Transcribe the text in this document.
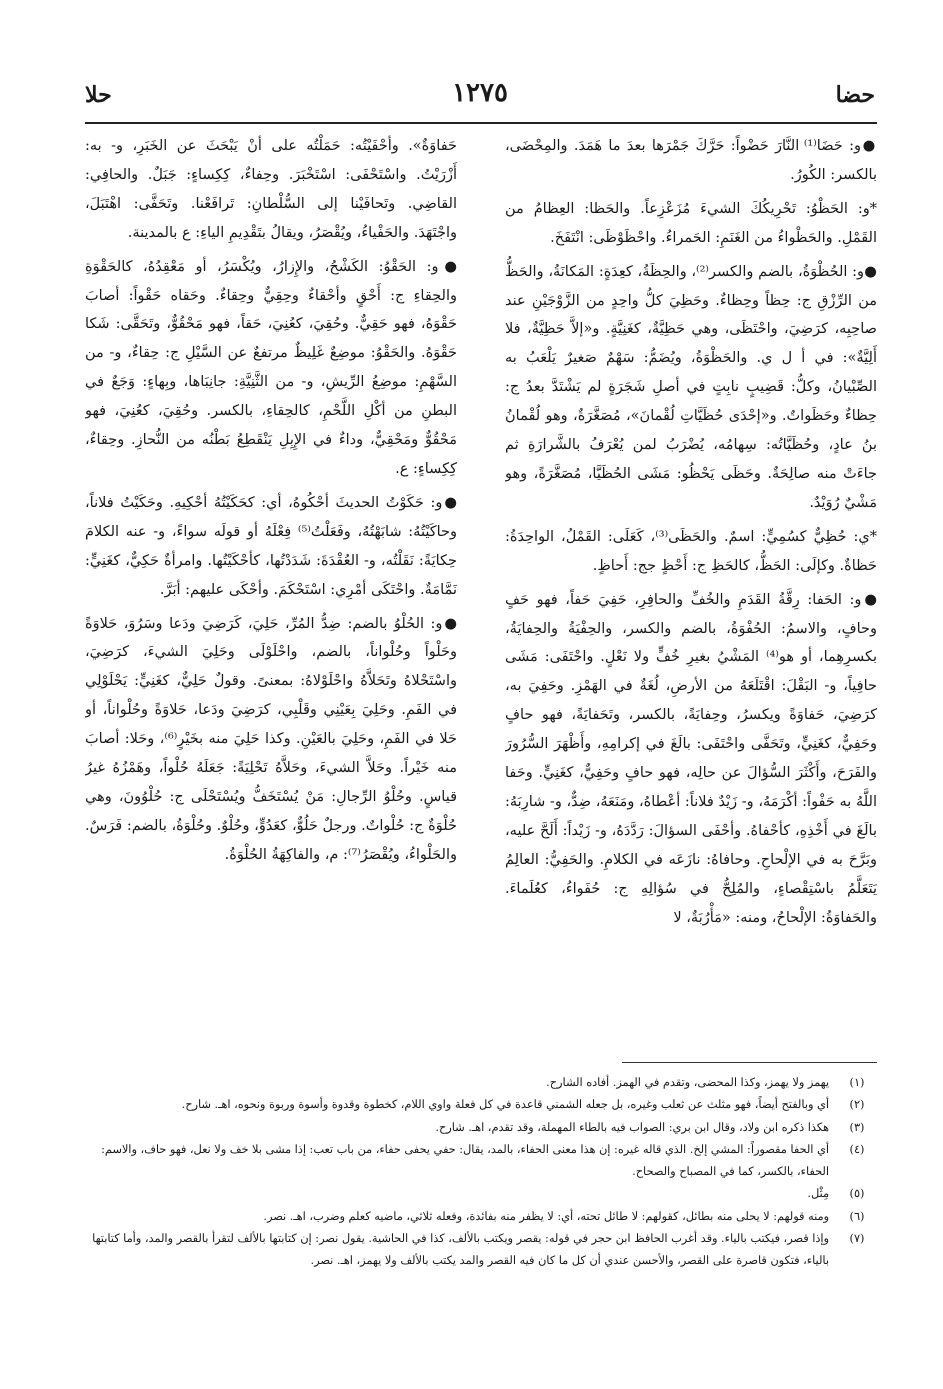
حضا
١٢٧٥
حلا

●و: حَضَا⁽¹⁾ النَّارَ حَضْواً: حَرَّكَ جَمْرَها بعدَ ما هَمَدَ. والمِحْضَى، بالكسر: الكُورُ.

*و: الحَظْوُ: تَحْرِيكُكَ الشيءَ مُزَعْزِعاً. والحَظا: العِظامُ من القَمْلِ. والحَظْواءُ من الغَنَمِ: الحَمراءُ. واحْظَوْظَى: انْتَفَخَ.

●و: الحُظْوَةُ، بالضم والكسر⁽²⁾، والحِظَةُ، كعِدَةٍ: المَكانَةُ، والحَظُّ من الرِّزْقِ ج: حِظاً وحِظاءٌ. وحَظِيَ كلُّ واحِدٍ من الزَّوْجَيْنِ عند صاحِبِه، كرَضِيَ، واحْتَظَى، وهي حَظِيَّةٌ، كغَنِيَّةٍ. و«إلاَّ حَظِيَّةٌ، فلا أَلِيَّةٌ»: في أ ل ي. والحَظْوَةُ، ويُضَمُّ: سَهْمٌ صَغيرٌ يَلْعَبُ به الصِّبْيانُ، وكلُّ: قَضِيبٍ نابِتٍ في أصلِ شَجَرَةٍ لم يَشْتَدَّ بعدُ ج: حِظاءٌ وحَظَواتٌ. و«إحْدَى حُظَيَّاتِ لُقْمانَ»، مُصَغَّرَةٌ، وهو لُقْمانُ بنُ عادٍ، وحُظَيَّاتُه: سِهامُه، يُضْرَبُ لمن يُعْرَفُ بالشَّرارَةِ ثم جاءَتْ منه صالِحَةٌ. وحَظَى يَحْظُو: مَشَى الحُظَيَّا، مُصَغَّرَةً، وهو مَشْيٌ رُوَيْدٌ.

*ي: حُظِيٌّ كسُمِيٍّ: اسمٌ. والحَظَى⁽³⁾، كَعَلَى: القَمْلُ، الواحِدَةُ: حَظاةٌ. وكإلَى: الحَظُّ، كالحَظِ ج: أَحْظٍ جج: أَحاظٍ.

●و: الحَفا: رِقَّةُ القَدَمِ والخُفِّ والحافِرِ، حَفِيَ حَفاً، فهو حَفٍ وحافٍ، والاسمُ: الحُفْوَةُ، بالضم والكسر، والحِفْيَةُ والحِفايَةُ، بكسرِهِما، أو هو⁽⁴⁾ المَشْيُ بغيرِ خُفٍّ ولا نَعْلٍ. واحْتَفَى: مَشَى حافِياً، و- البَقْلَ: اقْتَلَعَهُ من الأرضِ، لُغَةٌ في الهَمْزِ. وحَفِيَ به، كرَضِيَ، حَفاوَةً ويكسرُ، وحِفايَةً، بالكسر، وتَحَفايَةً، فهو حافٍ وحَفِيٌّ، كغَنِيٍّ، وتَحَفَّى واحْتَفَى: بالَغَ في إكرامِهِ، وأَظْهَرَ السُّرُورَ والفَرَحَ، وأَكْثَرَ السُّؤالَ عن حالِه، فهو حافٍ وحَفِيٌّ، كغَنِيٍّ. وحَفا اللَّهُ به حَفْواً: أكْرَمَهُ، و- زَيْدٌ فلاناً: أعْطاهُ، ومَنَعَهُ، ضِدٌّ، و- شارِبَهُ: بالَغَ في أَخْذِهِ، كأحْفاهُ. وأحْفَى السؤالَ: رَدَّدَهُ، و- زَيْداً: أَلَحَّ عليه، وبَرَّحَ به في الإلْحاحِ. وحافاهُ: نازَعَه في الكلامِ. والحَفِيُّ: العالِمُ يَتَعَلَّمُ باسْتِقْصاءٍ، والمُلِحُّ في سُؤالِهِ ج: حُفَواءُ، كعُلَماءَ. والحَفاوَةُ: الإلْحاحُ، ومنه: «مَأْرُبَةٌ، لا

حَفاوَةٌ». وأحْفَيْتُه: حَمَلْتُه على أنْ يَبْحَثَ عن الخَبَرِ، و- به: أَزْرَيْتُ. واسْتَحْفَى: اسْتَخْبَرَ. وحِفاءٌ، كِكِساءٍ: جَبَلٌ. والحافِي: القاضِي. وتَحافَيْنا إلى السُّلْطانِ: تَرافَعْنا. وتَحَفَّى: اهْتَبَلَ، واجْتَهَدَ. والحَفْياءُ، ويُقْصَرُ، ويقالُ بتَقْدِيمِ الياءِ: ع بالمدينة.

●و: الحَقْوُ: الكَشْحُ، والإِزارُ، ويُكْسَرُ، أو مَعْقِدُهُ، كالحَقْوَةِ والحِقاءِ ج: أَحْقٍ وأحْقاءٌ وحِقِيٌّ وحِقاءٌ. وحَقاه حَقْواً: أصابَ حَقْوَهُ، فهو حَقِيٌّ. وحُقِيَ، كعُنِيَ، حَقاً، فهو مَحْقُوٌّ، وتَحَقَّى: شَكا حَقْوَهُ. والحَقْوُ: موضِعٌ غَلِيظٌ مرتفعٌ عن السَّيْلِ ج: حِقاءٌ، و- من السَّهْمِ: موضِعُ الرِّيشِ، و- من الثَّنِيَّةِ: جانِبَاها، وبِهاءٍ: وَجَعٌ في البطنِ من أكْلِ اللَّحْمِ، كالحِقاءِ، بالكسر. وحُقِيَ، كعُنِيَ، فهو مَحْقُوٌّ ومَحْقِيٌّ، وداءٌ في الإِبِلِ يَنْقَطِعُ بَطْنُه من النُّحازِ. وحِقاءٌ، كِكِساءٍ: ع.

●و: حَكَوْتُ الحديثَ أحْكُوهُ، أي: كحَكَيْتُهُ أحْكِيهِ. وحَكَيْتُ فلاناً، وحاكَيْتُهُ: شابَهْتُهُ، وفَعَلْتُ⁽⁵⁾ فِعْلَهُ أو قولَه سواءً، و- عنه الكلامَ حِكايَةً: نَقَلْتُه، و- العُقْدَةَ: شَدَدْتُها، كأحْكَيْتُها. وامرأةٌ حَكِيٌّ، كغَنِيٍّ: نَمَّامَةٌ. واحْتَكَى أمْرِي: اسْتَحْكَمَ. وأحْكَى عليهم: أبَرَّ.

●و: الحُلْوُ بالضم: ضِدُّ المُرِّ، حَلِيَ، كَرَضِيَ ودَعا وسَرُوَ، حَلاوَةً وحَلْواً وحُلْواناً، بالضم، واحْلَوْلَى وحَلِيَ الشيءَ، كرَضِيَ، واسْتَحْلاهُ وتَحَلاَّهُ واحْلَوْلاهُ: بمعنىً. وقولٌ حَلِيٌّ، كغَنِيٍّ: يَحْلَوْلِي في الفَمِ. وحَلِيَ بِعَيْنِي وقَلْبِي، كرَضِيَ ودَعا، حَلاوَةً وحُلْواناً، أو حَلا في الفَمِ، وحَلِيَ بالعَيْنِ. وكذا حَلِيَ منه بخَيْرٍ⁽⁶⁾، وحَلا: أصابَ منه خَيْراً. وحَلاَّ الشيءَ، وحَلاَّهُ تَحْلِيَةً: جَعَلَهُ حُلْواً، وهَمْزُهُ غيرُ قياسٍ. وحُلْوُ الرِّجالِ: مَنْ يُسْتَخَفُّ ويُسْتَحْلَى ج: حُلْوُونَ، وهي حُلْوَةٌ ج: حُلْواتٌ. ورجلٌ حَلُوٌّ، كعَدُوٍّ، وحُلْوٌ. وحُلْوَةُ، بالضم: فَرَسٌ. والحَلْواءُ، ويُقْصَرُ⁽⁷⁾: م، والفاكِهَةُ الحُلْوَةُ.

(١)
يهمز ولا يهمز، وكذا المحضى، وتقدم في الهمز. أفاده الشارح.
(٢)
أي وبالفتح أيضاً، فهو مثلث عن ثعلب وغيره، بل جعله الشمني قاعدة في كل فعلة واوي اللام، كخطوة وقدوة وأسوة وربوة ونحوه، اهـ. شارح.
(٣)
هكذا ذكره ابن ولاد، وقال ابن بري: الصواب فيه بالطاء المهملة، وقد تقدم، اهـ. شارح.
(٤)
أي الحفا مقصوراً: المشي إلخ. الذي قاله غيره: إن هذا معنى الحفاء، بالمد، يقال: حفي يحفى حفاء، من باب تعب: إذا مشى بلا خف ولا نعل، فهو حاف، والاسم: الحفاء، بالكسر، كما في المصباح والصحاح.
(٥)
مِثْل.
(٦)
ومنه قولهم: لا يحلى منه بطائل، كقولهم: لا طائل تحته، أي: لا يظفر منه بفائدة، وفعله ثلاثي، ماضيه كعلم وضرب، اهـ. نصر.
(٧)
وإذا قصر، فيكتب بالياء. وقد أغرب الحافظ ابن حجر في قوله: يقصر ويكتب بالألف، كذا في الحاشية. يقول نصر: إن كتابتها بالألف لتقرأ بالقصر والمد، وأما كتابتها بالياء، فتكون قاصرة على القصر، والأحسن عندي أن كل ما كان فيه القصر والمد يكتب بالألف ولا يهمز، اهـ. نصر.
